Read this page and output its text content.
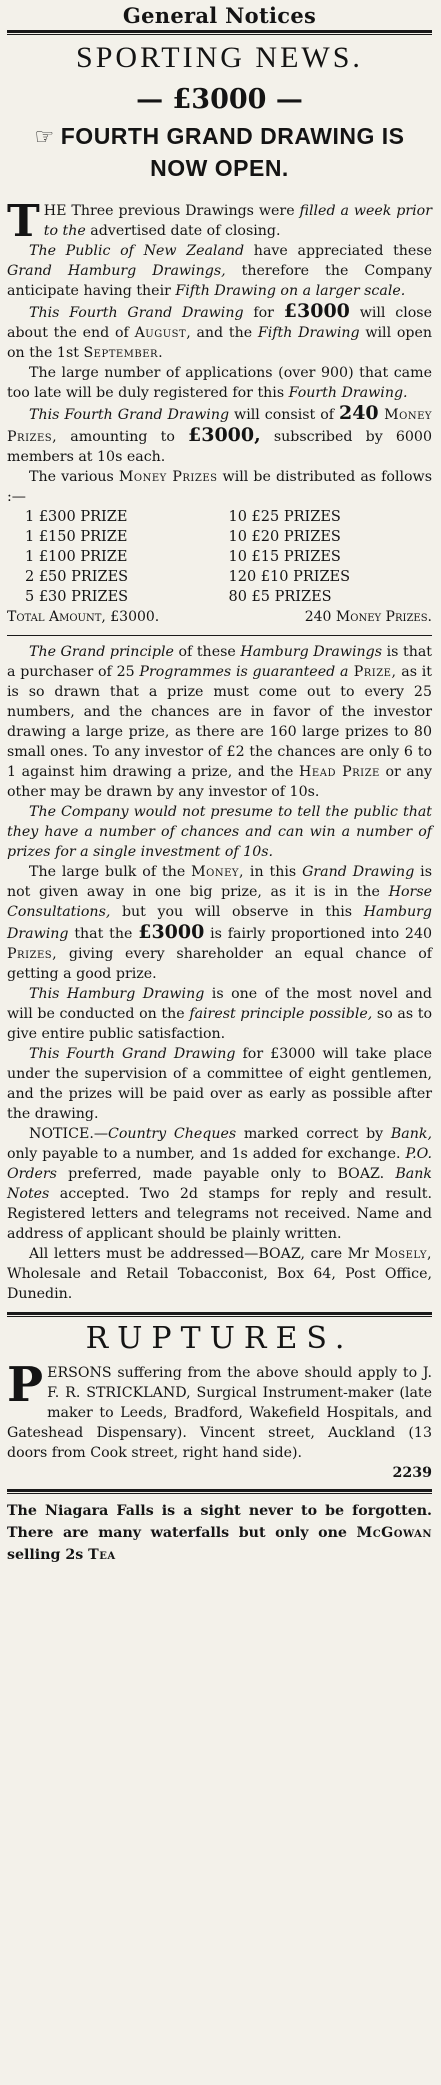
General Notices
SPORTING NEWS.
— £3000 —
☞ FOURTH GRAND DRAWING IS NOW OPEN.

THE Three previous Drawings were filled a week prior to the advertised date of closing.

The Public of New Zealand have appreciated these Grand Hamburg Drawings, therefore the Company anticipate having their Fifth Drawing on a larger scale.

This Fourth Grand Drawing for £3000 will close about the end of August, and the Fifth Drawing will open on the 1st September.

The large number of applications (over 900) that came too late will be duly registered for this Fourth Drawing.

This Fourth Grand Drawing will consist of 240 Money Prizes, amounting to £3000, subscribed by 6000 members at 10s each.

The various Money Prizes will be distributed as follows :—

1 £300 PRIZE	10 £25 PRIZES
1 £150 PRIZE	10 £20 PRIZES
1 £100 PRIZE	10 £15 PRIZES
2 £50 PRIZES	120 £10 PRIZES
5 £30 PRIZES	80 £5 PRIZES
Total Amount, £3000.	240 Money Prizes.

The Grand principle of these Hamburg Drawings is that a purchaser of 25 Programmes is guaranteed a Prize, as it is so drawn that a prize must come out to every 25 numbers, and the chances are in favor of the investor drawing a large prize, as there are 160 large prizes to 80 small ones. To any investor of £2 the chances are only 6 to 1 against him drawing a prize, and the Head Prize or any other may be drawn by any investor of 10s.

The Company would not presume to tell the public that they have a number of chances and can win a number of prizes for a single investment of 10s.

The large bulk of the Money, in this Grand Drawing is not given away in one big prize, as it is in the Horse Consultations, but you will observe in this Hamburg Drawing that the £3000 is fairly proportioned into 240 Prizes, giving every shareholder an equal chance of getting a good prize.

This Hamburg Drawing is one of the most novel and will be conducted on the fairest principle possible, so as to give entire public satisfaction.

This Fourth Grand Drawing for £3000 will take place under the supervision of a committee of eight gentlemen, and the prizes will be paid over as early as possible after the drawing.

NOTICE.—Country Cheques marked correct by Bank, only payable to a number, and 1s added for exchange. P.O. Orders preferred, made payable only to BOAZ. Bank Notes accepted. Two 2d stamps for reply and result. Registered letters and telegrams not received. Name and address of applicant should be plainly written.

All letters must be addressed—BOAZ, care Mr Mosely, Wholesale and Retail Tobacconist, Box 64, Post Office, Dunedin.

RUPTURES.
PERSONS suffering from the above should apply to J. F. R. STRICKLAND, Surgical Instrument-maker (late maker to Leeds, Bradford, Wakefield Hospitals, and Gateshead Dispensary). Vincent street, Auckland (13 doors from Cook street, right hand side).
2239
The Niagara Falls is a sight never to be forgotten. There are many waterfalls but only one McGowan selling 2s Tea
